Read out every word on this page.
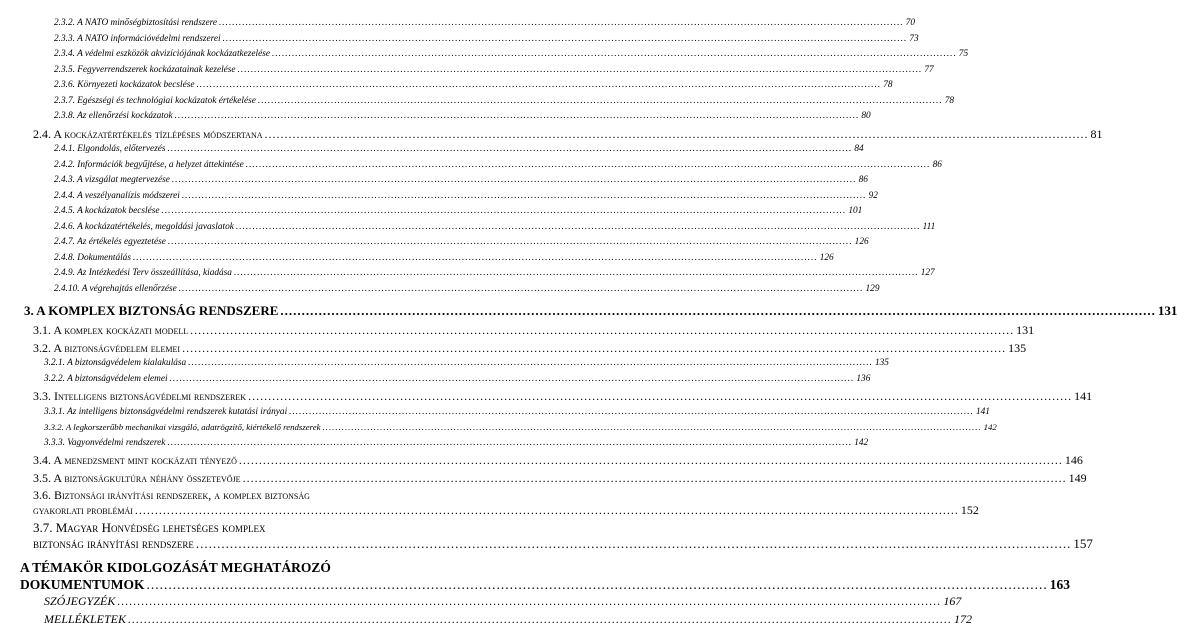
2.3.2. A NATO minőségbiztosítási rendszere .....	70
2.3.3. A NATO információvédelmi rendszerei .....	73
2.3.4. A védelmi eszközök akvizíciójának kockázatkezelése .....	75
2.3.5. Fegyverrendszerek kockázatainak kezelése .....	77
2.3.6. Környezeti kockázatok becslése .....	78
2.3.7. Egészségi és technológiai kockázatok értékelése .....	78
2.3.8. Az ellenőrzési kockázatok .....	80
2.4. A kockázatértékelés tízlépéses módszertana .....	81
2.4.1. Elgondolás, előtervezés .....	84
2.4.2. Információk begyűjtése, a helyzet áttekintése .....	86
2.4.3. A vizsgálat megtervezése .....	86
2.4.4. A veszélyanalízis módszerei .....	92
2.4.5. A kockázatok becslése .....	101
2.4.6. A kockázatértékelés, megoldási javaslatok .....	111
2.4.7. Az értékelés egyeztetése .....	126
2.4.8. Dokumentálás .....	126
2.4.9. Az Intézkedési Terv összeállítása, kiadása .....	127
2.4.10. A végrehajtás ellenőrzése .....	129
3. A KOMPLEX BIZTONSÁG RENDSZERE .....	131
3.1. A komplex kockázati modell .....	131
3.2. A biztonságvédelem elemei .....	135
3.2.1. A biztonságvédelem kialakulása .....	135
3.2.2. A biztonságvédelem elemei .....	136
3.3. Intelligens biztonságvédelmi rendszerek .....	141
3.3.1. Az intelligens biztonságvédelmi rendszerek kutatási irányai .....	141
3.3.2. A legkorszerűbb mechanikai vizsgáló, adatrögzítő, kiértékelő rendszerek .....	142
3.3.3. Vagyonvédelmi rendszerek .....	142
3.4. A menedzsment mint kockázati tényező .....	146
3.5. A biztonságkultúra néhány összetevője .....	149
3.6. Biztonsági irányítási rendszerek, a komplex biztonság
gyakorlati problémái .....	152
3.7. Magyar Honvédség lehetséges komplex
biztonság irányítási rendszere .....	157
A TÉMAKÖR KIDOLGOZÁSÁT MEGHATÁROZÓ
DOKUMENTUMOK .....	163
SZÓJEGYZÉK .....	167
MELLÉKLETEK .....	172
